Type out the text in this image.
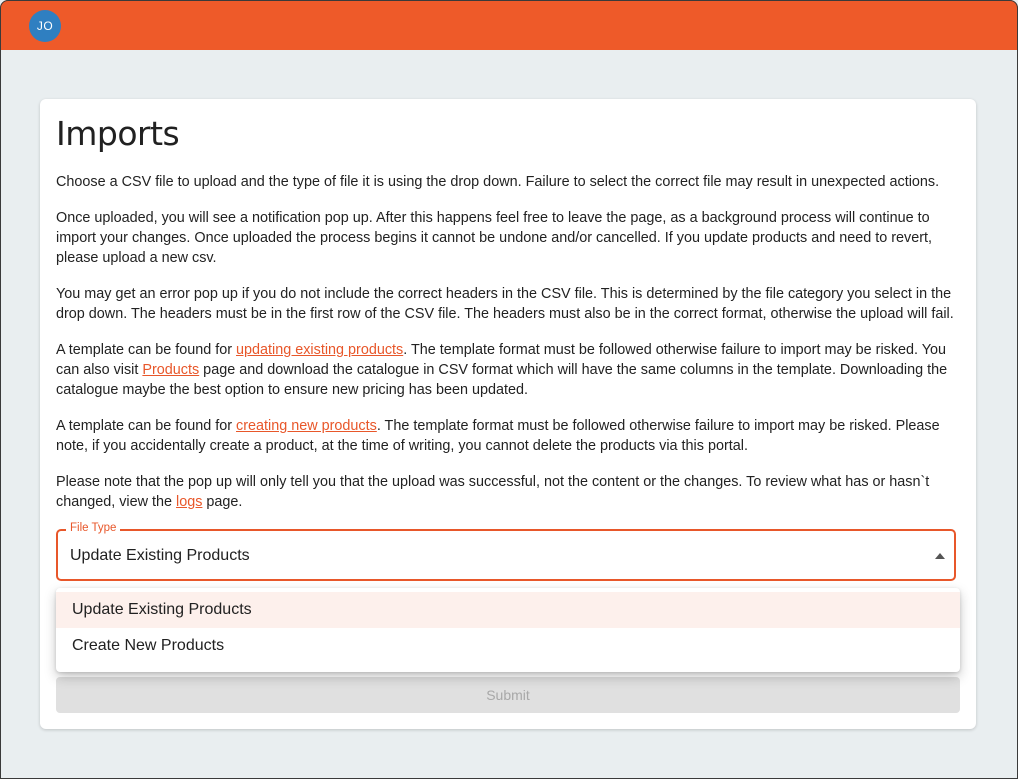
JO
Imports

Choose a CSV file to upload and the type of file it is using the drop down. Failure to select the correct file may result in unexpected actions.

Once uploaded, you will see a notification pop up. After this happens feel free to leave the page, as a background process will continue to import your changes. Once uploaded the process begins it cannot be undone and/or cancelled. If you update products and need to revert, please upload a new csv.

You may get an error pop up if you do not include the correct headers in the CSV file. This is determined by the file category you select in the drop down. The headers must be in the first row of the CSV file. The headers must also be in the correct format, otherwise the upload will fail.

A template can be found for updating existing products. The template format must be followed otherwise failure to import may be risked. You can also visit Products page and download the catalogue in CSV format which will have the same columns in the template. Downloading the catalogue maybe the best option to ensure new pricing has been updated.

A template can be found for creating new products. The template format must be followed otherwise failure to import may be risked. Please note, if you accidentally create a product, at the time of writing, you cannot delete the products via this portal.

Please note that the pop up will only tell you that the upload was successful, not the content or the changes. To review what has or hasn`t changed, view the logs page.

File Type
Update Existing Products
Update Existing Products
Create New Products
Submit
